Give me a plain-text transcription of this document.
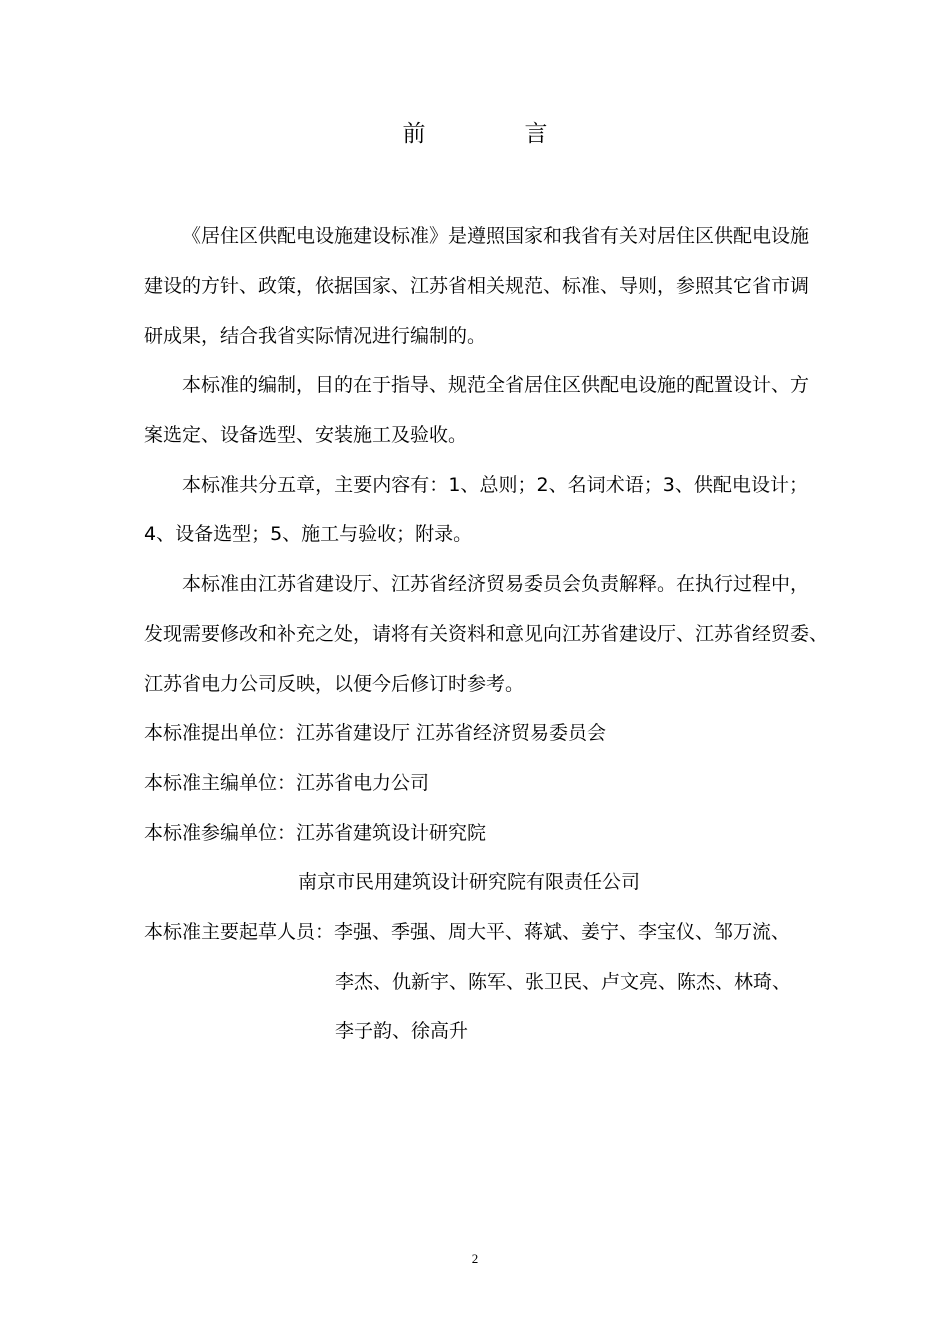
前　言
《居住区供配电设施建设标准》是遵照国家和我省有关对居住区供配电设施
建设的方针、政策，依据国家、江苏省相关规范、标准、导则，参照其它省市调
研成果，结合我省实际情况进行编制的。
本标准的编制，目的在于指导、规范全省居住区供配电设施的配置设计、方
案选定、设备选型、安装施工及验收。
本标准共分五章，主要内容有：1、总则；2、名词术语；3、供配电设计；
4、设备选型；5、施工与验收；附录。
本标准由江苏省建设厅、江苏省经济贸易委员会负责解释。在执行过程中，
发现需要修改和补充之处，请将有关资料和意见向江苏省建设厅、江苏省经贸委、
江苏省电力公司反映，以便今后修订时参考。
本标准提出单位：江苏省建设厅 江苏省经济贸易委员会
本标准主编单位：江苏省电力公司
本标准参编单位：江苏省建筑设计研究院
南京市民用建筑设计研究院有限责任公司
本标准主要起草人员：李强、季强、周大平、蒋斌、姜宁、李宝仪、邹万流、
李杰、仇新宇、陈军、张卫民、卢文亮、陈杰、林琦、
李子韵、徐高升
2
